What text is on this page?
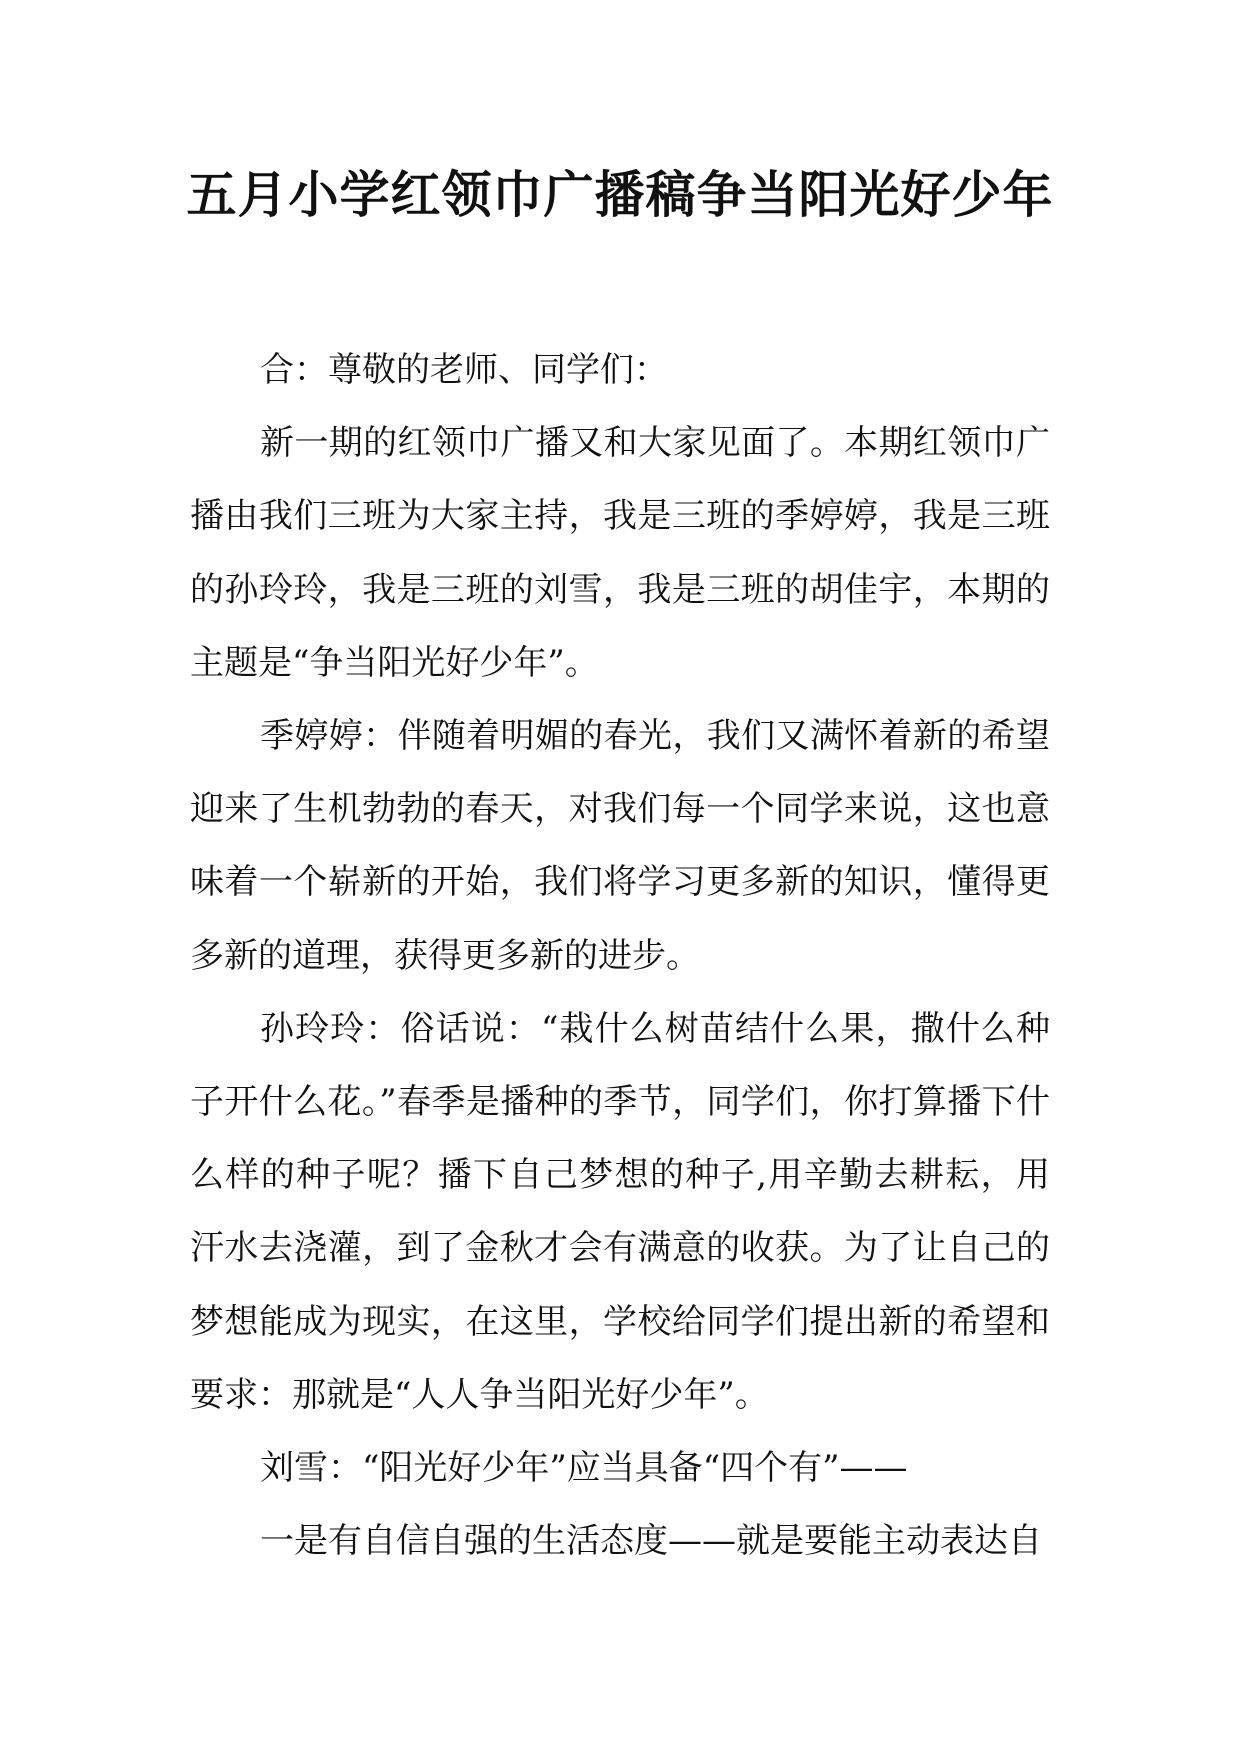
五月小学红领巾广播稿争当阳光好少年

合：尊敬的老师、同学们：

新一期的红领巾广播又和大家见面了。本期红领巾广播由我们三班为大家主持，我是三班的季婷婷，我是三班的孙玲玲，我是三班的刘雪，我是三班的胡佳宇，本期的主题是“争当阳光好少年”。

季婷婷：伴随着明媚的春光，我们又满怀着新的希望迎来了生机勃勃的春天，对我们每一个同学来说，这也意味着一个崭新的开始，我们将学习更多新的知识，懂得更多新的道理，获得更多新的进步。

孙玲玲：俗话说：“栽什么树苗结什么果，撒什么种子开什么花。”春季是播种的季节，同学们，你打算播下什么样的种子呢？播下自己梦想的种子,用辛勤去耕耘，用汗水去浇灌，到了金秋才会有满意的收获。为了让自己的梦想能成为现实，在这里，学校给同学们提出新的希望和要求：那就是“人人争当阳光好少年”。

刘雪：“阳光好少年”应当具备“四个有”——

一是有自信自强的生活态度——就是要能主动表达自
